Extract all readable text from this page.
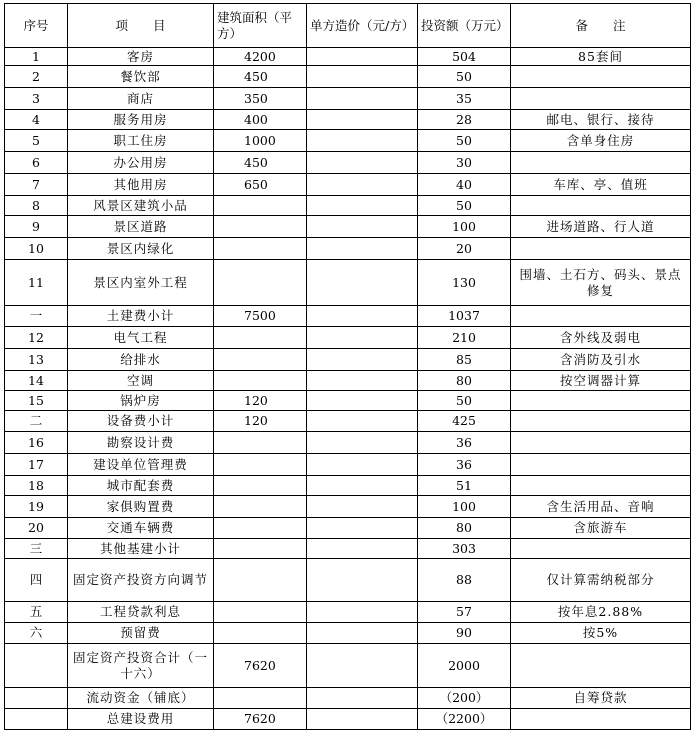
序号	项　　目	建筑面积（平方）	单方造价（元/方）	投资额（万元）	备　　注
1	客房	4200		504	85套间
2	餐饮部	450		50	
3	商店	350		35	
4	服务用房	400		28	邮电、银行、接待
5	职工住房	1000		50	含单身住房
6	办公用房	450		30	
7	其他用房	650		40	车库、亭、值班
8	风景区建筑小品			50	
9	景区道路			100	进场道路、行人道
10	景区内绿化			20	
11	景区内室外工程			130	围墙、土石方、码头、景点修复
一	土建费小计	7500		1037	
12	电气工程			210	含外线及弱电
13	给排水			85	含消防及引水
14	空调			80	按空调器计算
15	锅炉房	120		50	
二	设备费小计	120		425	
16	勘察设计费			36	
17	建设单位管理费			36	
18	城市配套费			51	
19	家俱购置费			100	含生活用品、音响
20	交通车辆费			80	含旅游车
三	其他基建小计			303	
四	固定资产投资方向调节			88	仅计算需纳税部分
五	工程贷款利息			57	按年息2.88%
六	预留费			90	按5%
	固定资产投资合计（一十六）	7620		2000	
	流动资金（铺底）			（200）	自筹贷款
	总建设费用	7620		（2200）	
